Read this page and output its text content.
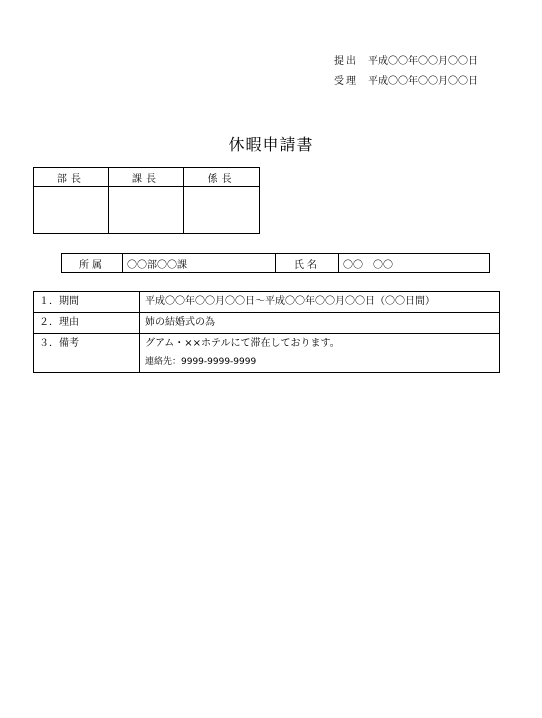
提出	平成〇〇年〇〇月〇〇日
受理	平成〇〇年〇〇月〇〇日
休暇申請書
部長	課長	係長

所属	〇〇部〇〇課	氏名	〇〇　〇〇
１．期間	平成〇〇年〇〇月〇〇日～平成〇〇年〇〇月〇〇日（〇〇日間）
２．理由	姉の結婚式の為
３．備考	グアム・××ホテルにて滞在しております。
連絡先：9999-9999-9999
